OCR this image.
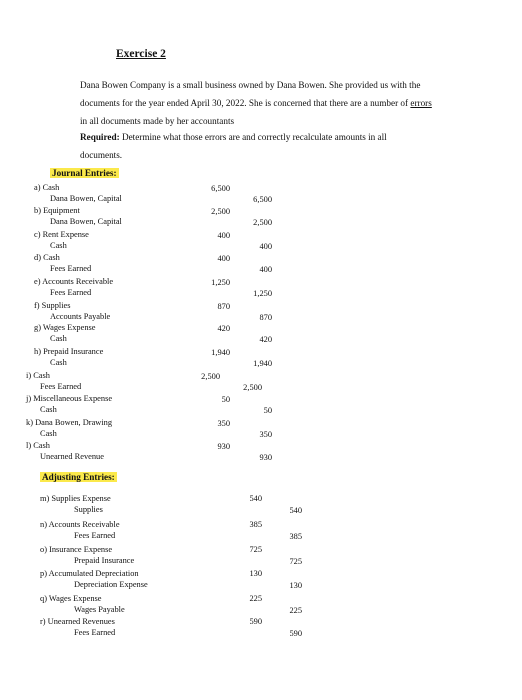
Exercise 2
Dana Bowen Company is a small business owned by Dana Bowen. She provided us with the
documents for the year ended April 30, 2022. She is concerned that there are a number of errors
in all documents made by her accountants
Required: Determine what those errors are and correctly recalculate amounts in all
documents.
Journal Entries:
Adjusting Entries:
a) Cash
Dana Bowen, Capital
6,500
6,500
b) Equipment
Dana Bowen, Capital
2,500
2,500
c) Rent Expense
Cash
400
400
d) Cash
Fees Earned
400
400
e) Accounts Receivable
Fees Earned
1,250
1,250
f) Supplies
Accounts Payable
870
870
g) Wages Expense
Cash
420
420
h) Prepaid Insurance
Cash
1,940
1,940
i) Cash
Fees Earned
2,500
2,500
j) Miscellaneous Expense
Cash
50
50
k) Dana Bowen, Drawing
Cash
350
350
l) Cash
Unearned Revenue
930
930
m) Supplies Expense
Supplies
540
540
n) Accounts Receivable
Fees Earned
385
385
o) Insurance Expense
Prepaid Insurance
725
725
p) Accumulated Depreciation
Depreciation Expense
130
130
q) Wages Expense
Wages Payable
225
225
r) Unearned Revenues
Fees Earned
590
590
